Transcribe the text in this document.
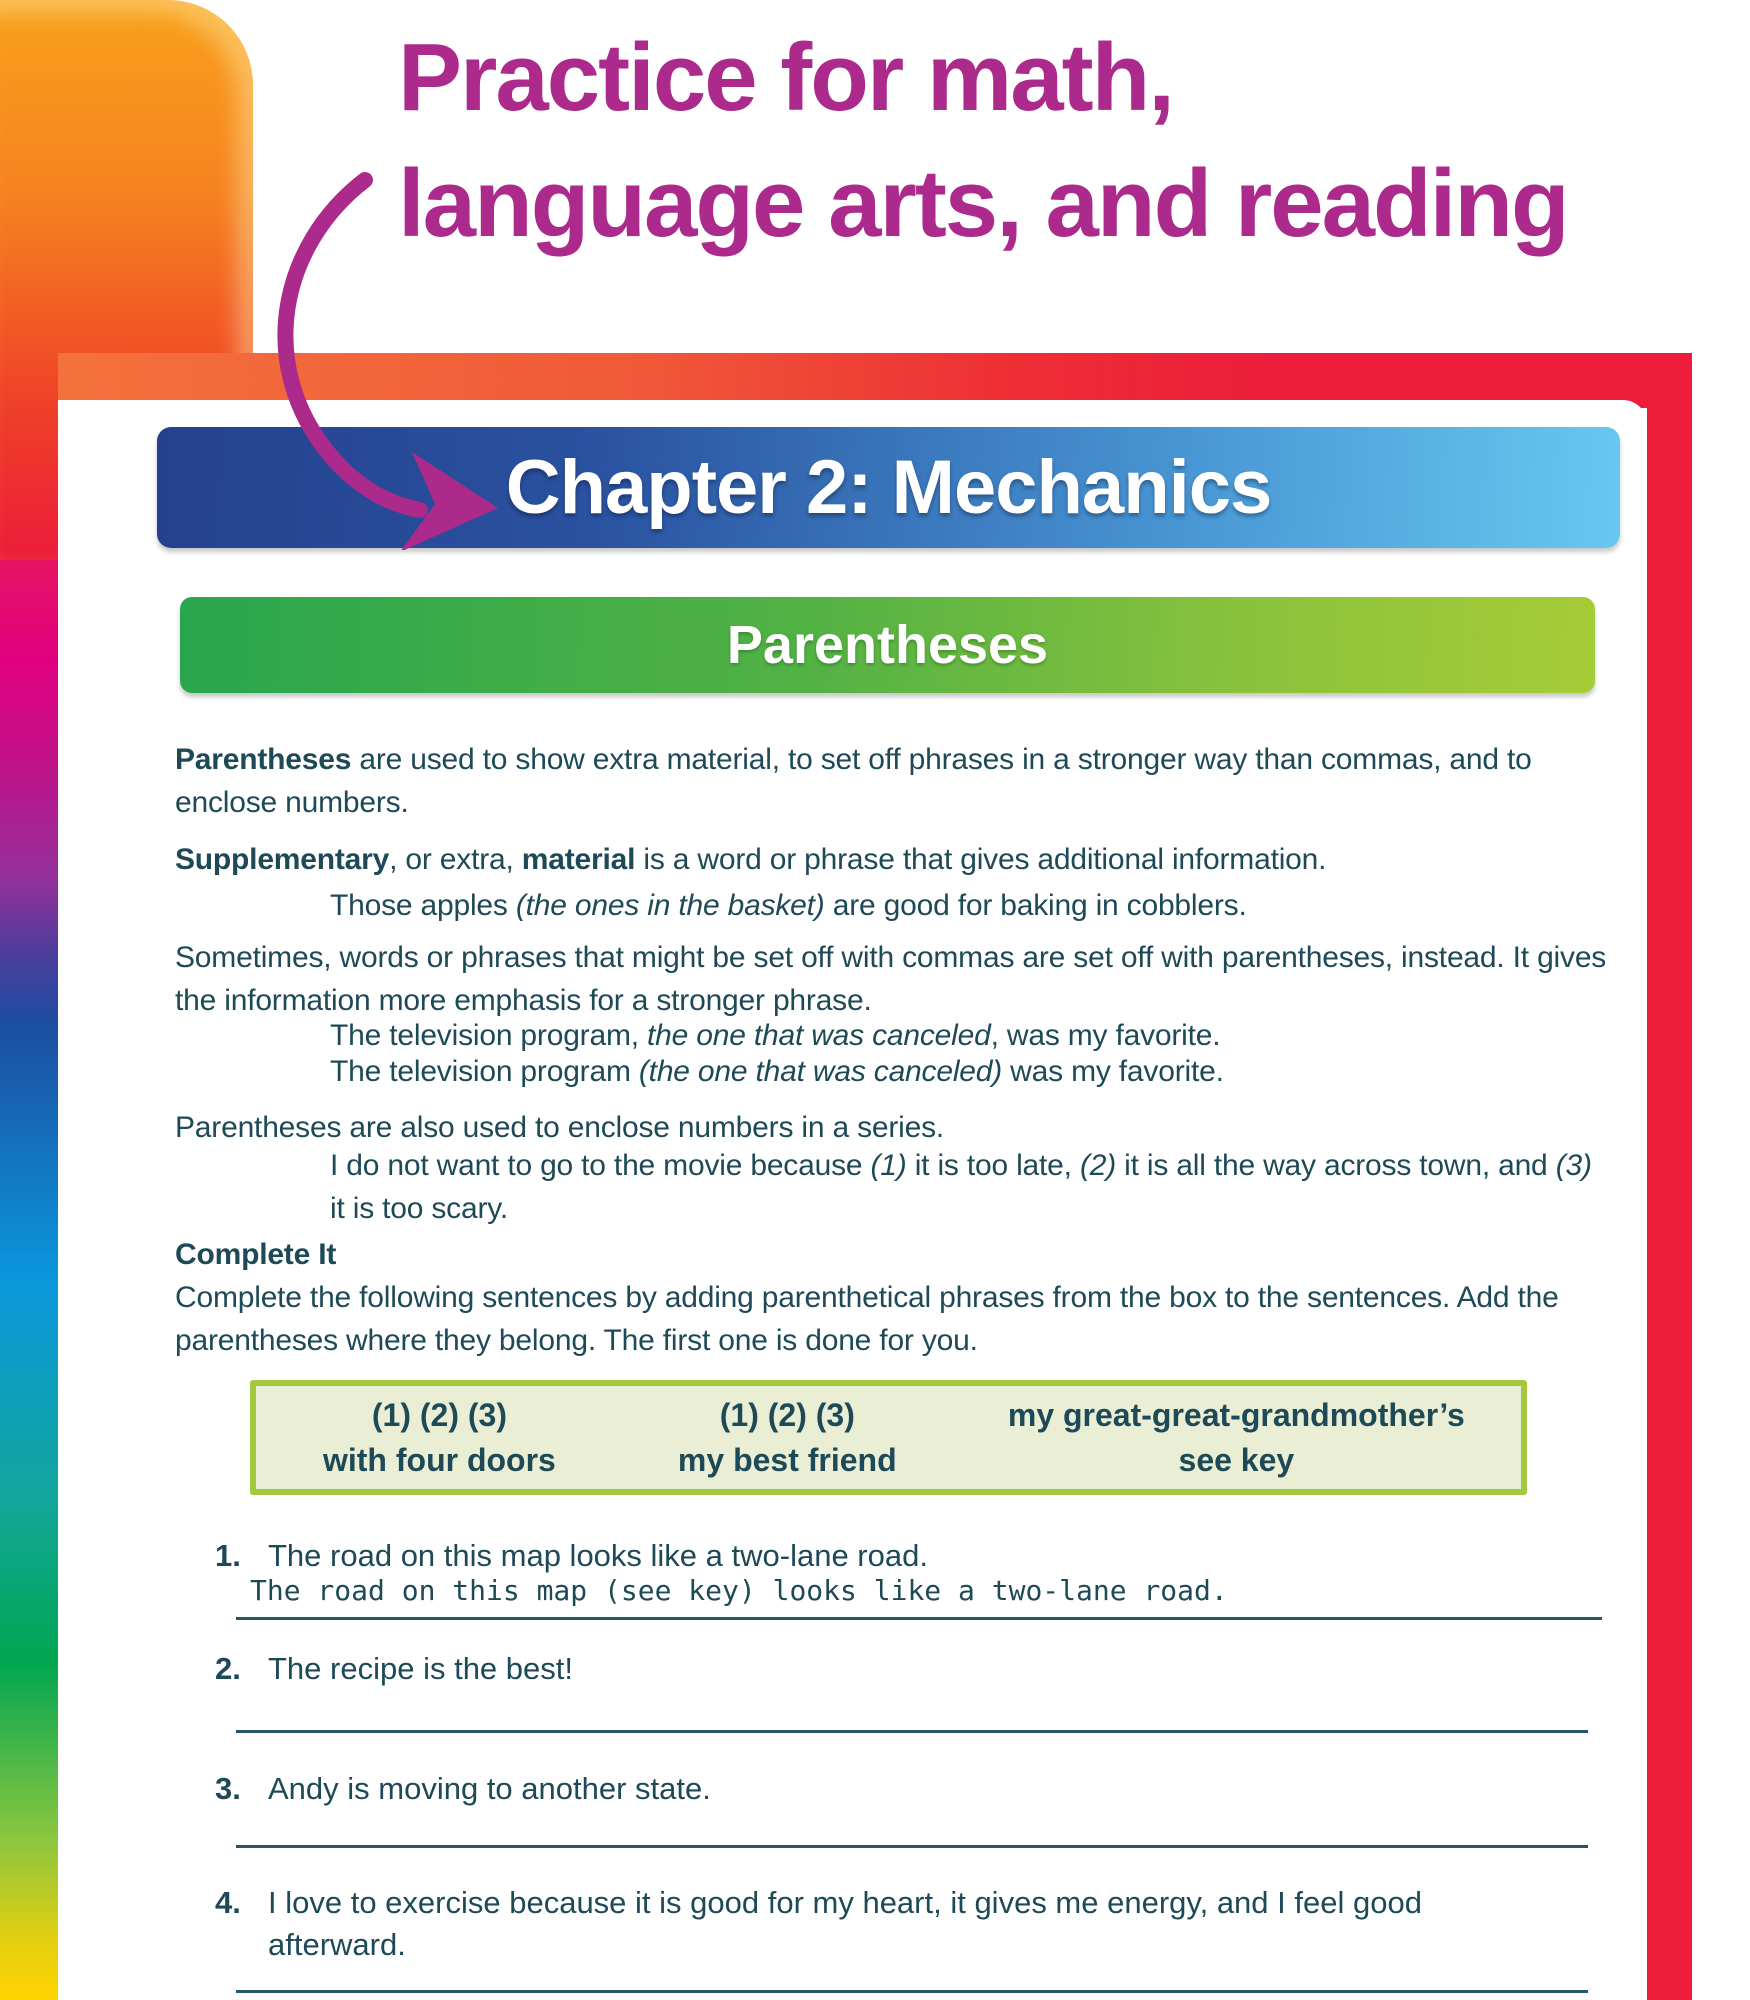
Practice for math,
language arts, and reading
Chapter 2: Mechanics
Parentheses
Parentheses are used to show extra material, to set off phrases in a stronger way than commas, and to enclose numbers.
Supplementary, or extra, material is a word or phrase that gives additional information.
Those apples (the ones in the basket) are good for baking in cobblers.
Sometimes, words or phrases that might be set off with commas are set off with parentheses, instead. It gives the information more emphasis for a stronger phrase.
The television program, the one that was canceled, was my favorite.
The television program (the one that was canceled) was my favorite.
Parentheses are also used to enclose numbers in a series.
I do not want to go to the movie because (1) it is too late, (2) it is all the way across town, and (3) it is too scary.
Complete It
Complete the following sentences by adding parenthetical phrases from the box to the sentences. Add the parentheses where they belong. The first one is done for you.
(1) (2) (3)
with four doors
(1) (2) (3)
my best friend
my great-great-grandmother’s
see key
1. The road on this map looks like a two-lane road.
The road on this map (see key) looks like a two-lane road.
2. The recipe is the best!
3. Andy is moving to another state.
4. I love to exercise because it is good for my heart, it gives me energy, and I feel good afterward.
